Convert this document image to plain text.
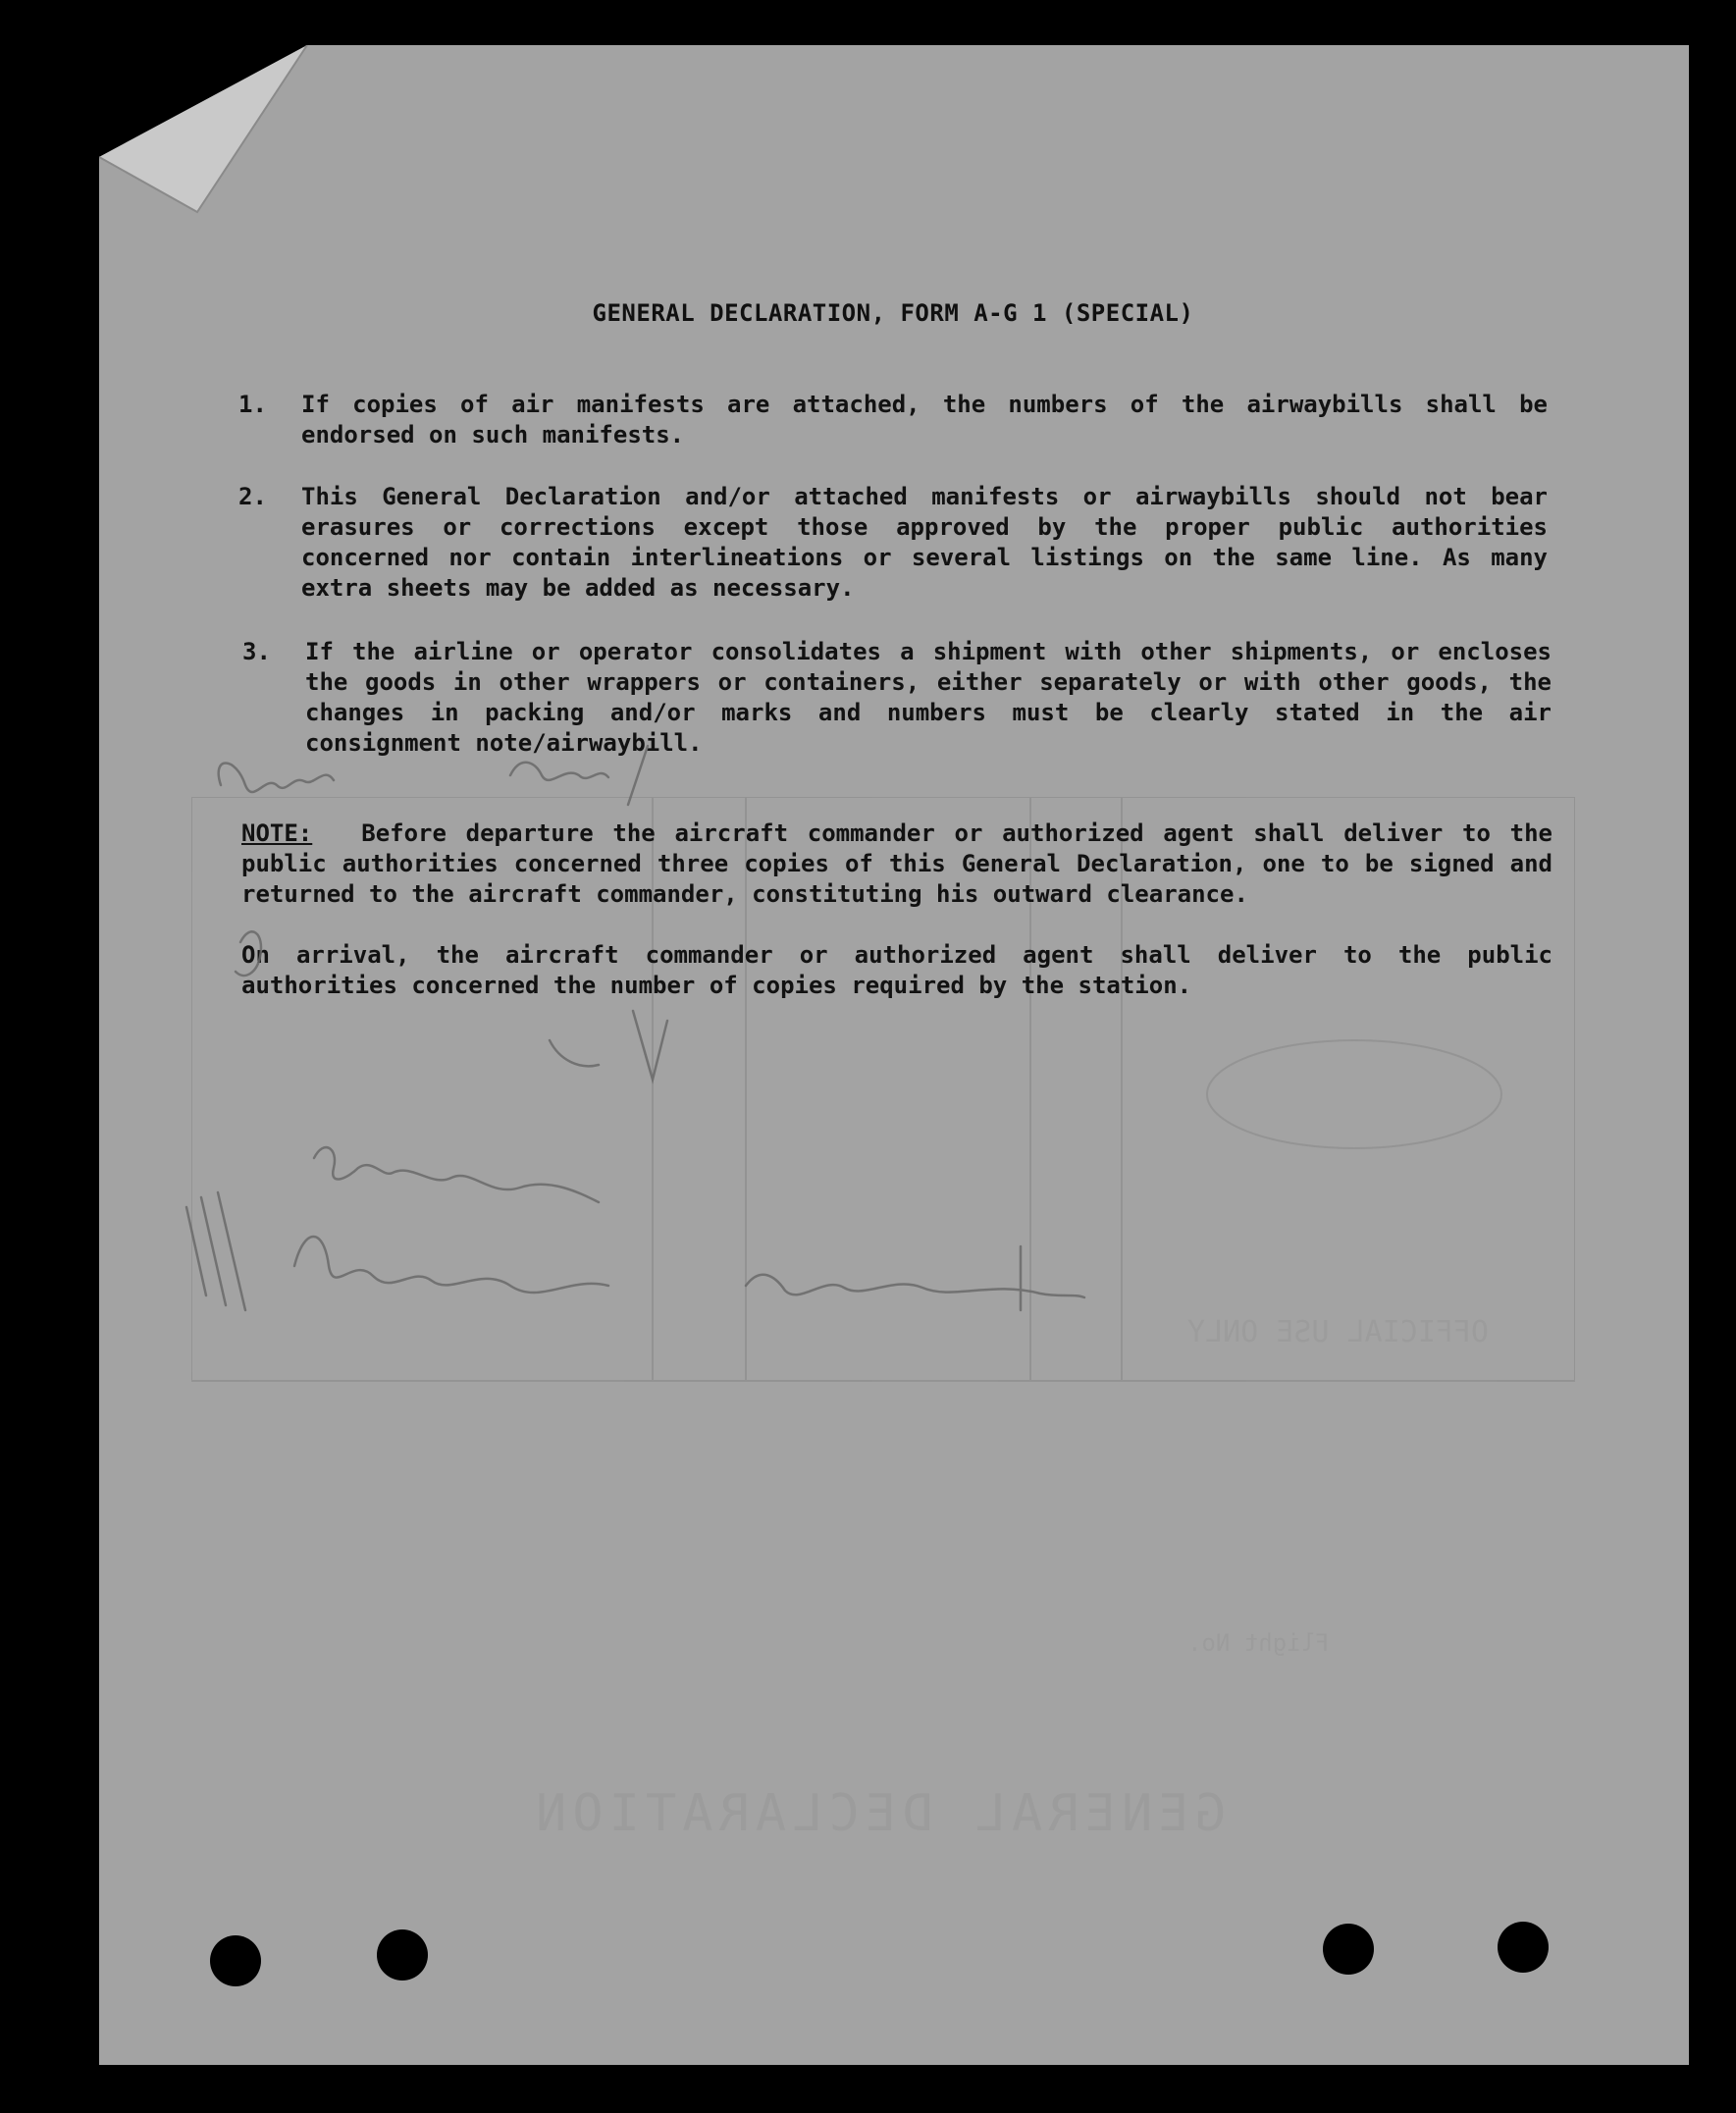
OFFICIAL USE ONLY
GENERAL DECLARATION
Flight No.
GENERAL DECLARATION, FORM A-G 1 (SPECIAL)
1. If copies of air manifests are attached, the numbers of the airwaybills shall be endorsed on such manifests.
2. This General Declaration and/or attached manifests or airwaybills should not bear erasures or corrections except those approved by the proper public authorities concerned nor contain interlineations or several listings on the same line. As many extra sheets may be added as necessary.
3. If the airline or operator consolidates a shipment with other shipments, or encloses the goods in other wrappers or containers, either separately or with other goods, the changes in packing and/or marks and numbers must be clearly stated in the air consignment note/airwaybill.

NOTE: Before departure the aircraft commander or authorized agent shall deliver to the public authorities concerned three copies of this General Declaration, one to be signed and returned to the aircraft commander, constituting his outward clearance.

On arrival, the aircraft commander or authorized agent shall deliver to the public authorities concerned the number of copies required by the station.
